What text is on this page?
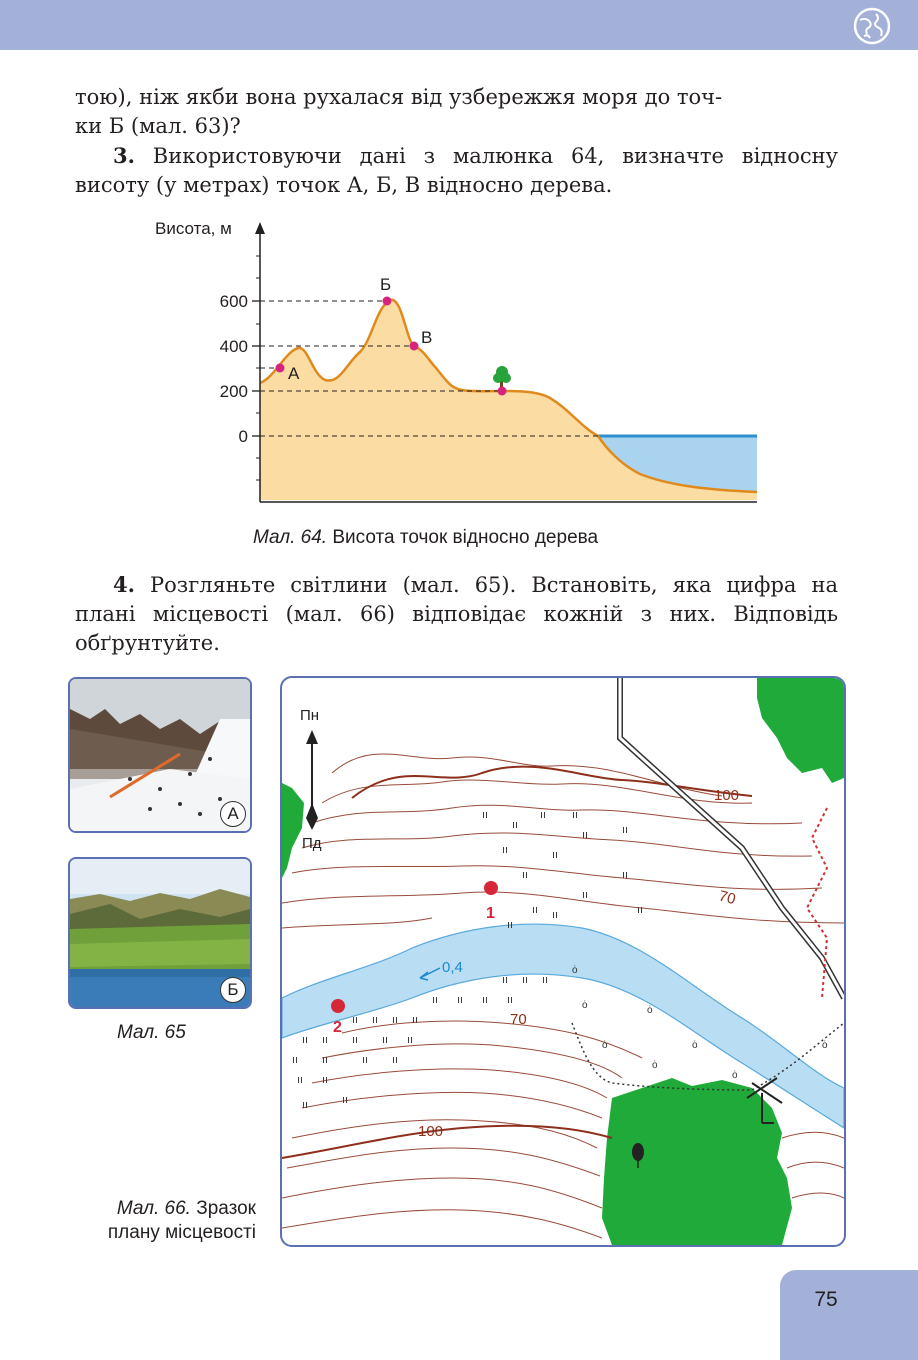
тою), ніж якби вона рухалася від узбережжя моря до точ-
ки Б (мал. 63)?
3. Використовуючи дані з малюнка 64, визначте відносну висоту (у метрах) точок А, Б, В відносно дерева.
Висота, м
600
400
200
0
А
Б
В
Мал. 64. Висота точок відносно дерева
4. Розгляньте світлини (мал. 65). Встановіть, яка цифра на плані місцевості (мал. 66) відповідає кожній з них. Відповідь обґрунтуйте.
А
Б
Мал. 65
Мал. 66. Зразок
плану місцевості
Пн
Пд
100
70
0,4
70
100
ıı
ıı
ıı ıı
ıı	ıı
ıı	ıı
ıı
ıı
ıı
ıı
ıı
ıı ıı
ıı ıı ıı
ıı ıı ıı ıı
ıı ıı ıı ıı
ıı ıı ıı ıı ıı
ıı ıı	ıı ıı
ıı ıı
ıı
ıı
ȯ
ȯ
ȯ
ȯ
ȯ
ȯ
ȯ
ȯ
1
2
75
